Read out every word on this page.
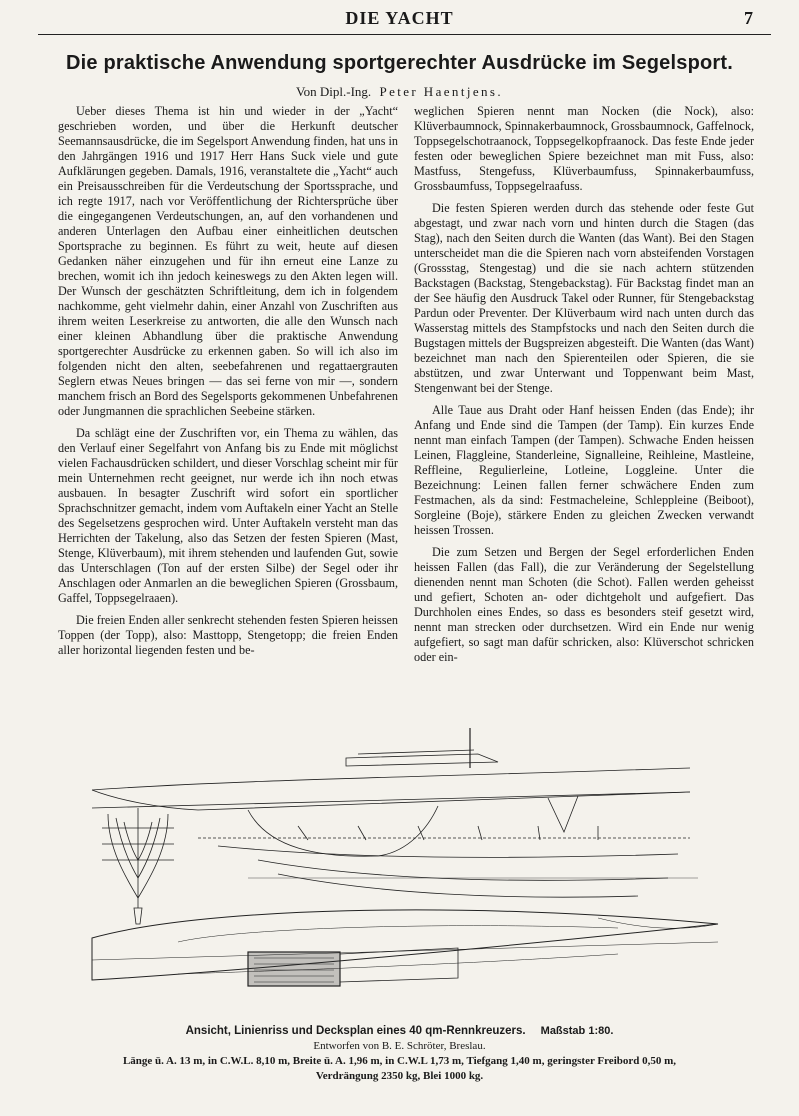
DIE YACHT	7
Die praktische Anwendung sportgerechter Ausdrücke im Segelsport.
Von Dipl.-Ing. Peter Haentjens.

Ueber dieses Thema ist hin und wieder in der „Yacht“ geschrieben worden, und über die Herkunft deutscher Seemannsausdrücke, die im Segelsport Anwendung finden, hat uns in den Jahrgängen 1916 und 1917 Herr Hans Suck viele und gute Aufklärungen gegeben. Damals, 1916, veranstaltete die „Yacht“ auch ein Preisausschreiben für die Verdeutschung der Sportssprache, und ich regte 1917, nach vor Veröffentlichung der Richtersprüche über die eingegangenen Verdeutschungen, an, auf den vorhandenen und anderen Unterlagen den Aufbau einer einheitlichen deutschen Sportsprache zu beginnen. Es führt zu weit, heute auf diesen Gedanken näher einzugehen und für ihn erneut eine Lanze zu brechen, womit ich ihn jedoch keineswegs zu den Akten legen will. Der Wunsch der geschätzten Schriftleitung, dem ich in folgendem nachkomme, geht vielmehr dahin, einer Anzahl von Zuschriften aus ihrem weiten Leserkreise zu antworten, die alle den Wunsch nach einer kleinen Abhandlung über die praktische Anwendung sportgerechter Ausdrücke zu erkennen gaben. So will ich also im folgenden nicht den alten, seebefahrenen und regattaergrauten Seglern etwas Neues bringen — das sei ferne von mir —, sondern manchem frisch an Bord des Segelsports gekommenen Unbefahrenen oder Jungmannen die sprachlichen Seebeine stärken.

Da schlägt eine der Zuschriften vor, ein Thema zu wählen, das den Verlauf einer Segelfahrt von Anfang bis zu Ende mit möglichst vielen Fachausdrücken schildert, und dieser Vorschlag scheint mir für mein Unternehmen recht geeignet, nur werde ich ihn noch etwas ausbauen. In besagter Zuschrift wird sofort ein sportlicher Sprachschnitzer gemacht, indem vom Auftakeln einer Yacht an Stelle des Segelsetzens gesprochen wird. Unter Auftakeln versteht man das Herrichten der Takelung, also das Setzen der festen Spieren (Mast, Stenge, Klüverbaum), mit ihrem stehenden und laufenden Gut, sowie das Unterschlagen (Ton auf der ersten Silbe) der Segel oder ihr Anschlagen oder Anmarlen an die beweglichen Spieren (Grossbaum, Gaffel, Toppsegelraaen).

Die freien Enden aller senkrecht stehenden festen Spieren heissen Toppen (der Topp), also: Masttopp, Stengetopp; die freien Enden aller horizontal liegenden festen und be-

weglichen Spieren nennt man Nocken (die Nock), also: Klüverbaumnock, Spinnakerbaumnock, Grossbaumnock, Gaffelnock, Toppsegelschotraanock, Toppsegelkopfraanock. Das feste Ende jeder festen oder beweglichen Spiere bezeichnet man mit Fuss, also: Mastfuss, Stengefuss, Klüverbaumfuss, Spinnakerbaumfuss, Grossbaumfuss, Toppsegelraafuss.

Die festen Spieren werden durch das stehende oder feste Gut abgestagt, und zwar nach vorn und hinten durch die Stagen (das Stag), nach den Seiten durch die Wanten (das Want). Bei den Stagen unterscheidet man die die Spieren nach vorn absteifenden Vorstagen (Grossstag, Stengestag) und die sie nach achtern stützenden Backstagen (Backstag, Stengebackstag). Für Backstag findet man an der See häufig den Ausdruck Takel oder Runner, für Stengebackstag Pardun oder Preventer. Der Klüverbaum wird nach unten durch das Wasserstag mittels des Stampfstocks und nach den Seiten durch die Bugstagen mittels der Bugspreizen abgesteift. Die Wanten (das Want) bezeichnet man nach den Spierenteilen oder Spieren, die sie abstützen, und zwar Unterwant und Toppenwant beim Mast, Stengenwant bei der Stenge.

Alle Taue aus Draht oder Hanf heissen Enden (das Ende); ihr Anfang und Ende sind die Tampen (der Tamp). Ein kurzes Ende nennt man einfach Tampen (der Tampen). Schwache Enden heissen Leinen, Flaggleine, Standerleine, Signalleine, Reihleine, Mastleine, Reffleine, Regulierleine, Lotleine, Loggleine. Unter die Bezeichnung: Leinen fallen ferner schwächere Enden zum Festmachen, als da sind: Festmacheleine, Schleppleine (Beiboot), Sorgleine (Boje), stärkere Enden zu gleichen Zwecken verwandt heissen Trossen.

Die zum Setzen und Bergen der Segel erforderlichen Enden heissen Fallen (das Fall), die zur Veränderung der Segelstellung dienenden nennt man Schoten (die Schot). Fallen werden geheisst und gefiert, Schoten an- oder dichtgeholt und aufgefiert. Das Durchholen eines Endes, so dass es besonders steif gesetzt wird, nennt man strecken oder durchsetzen. Wird ein Ende nur wenig aufgefiert, so sagt man dafür schricken, also: Klüverschot schricken oder ein-

Ansicht, Linienriss und Decksplan eines 40 qm-Rennkreuzers. Maßstab 1:80.
Entworfen von B. E. Schröter, Breslau.
Länge ü. A. 13 m, in C.W.L. 8,10 m, Breite ü. A. 1,96 m, in C.W.L 1,73 m, Tiefgang 1,40 m, geringster Freibord 0,50 m,
Verdrängung 2350 kg, Blei 1000 kg.
